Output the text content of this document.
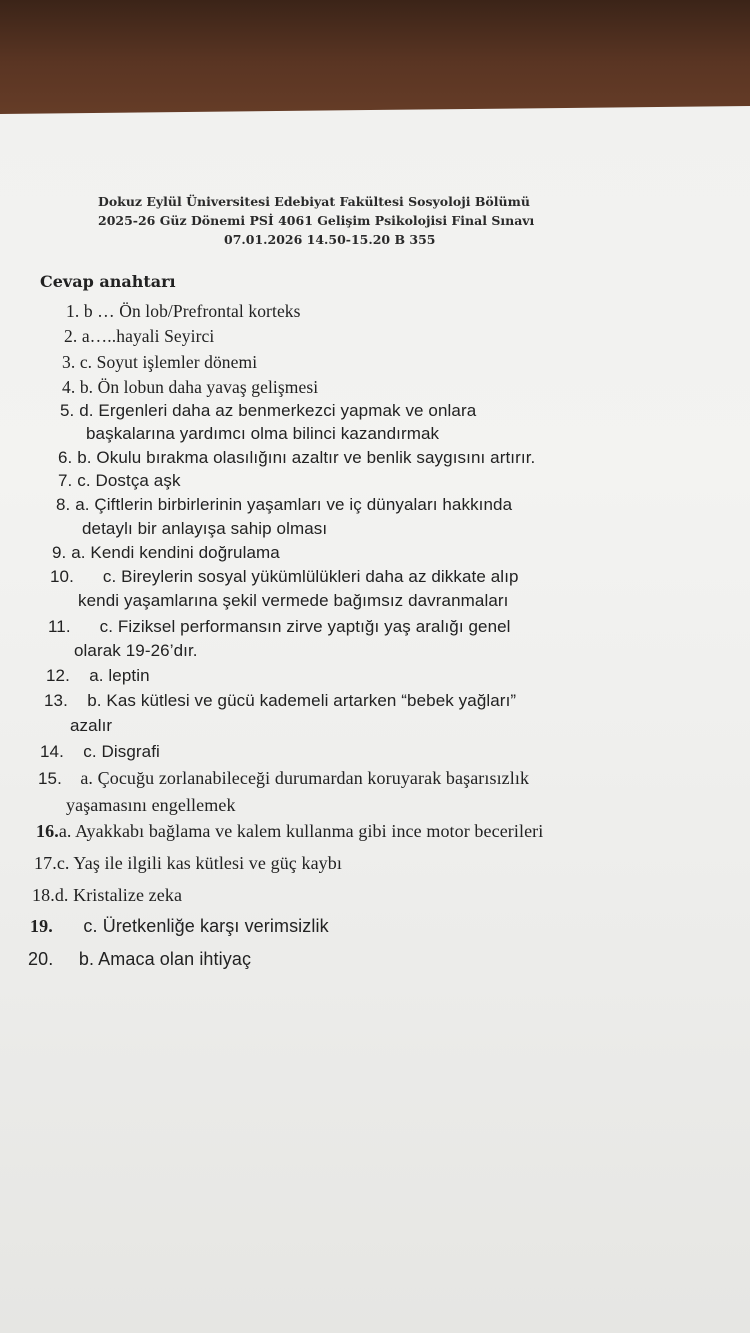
Dokuz Eylül Üniversitesi Edebiyat Fakültesi Sosyoloji Bölümü
2025-26 Güz Dönemi PSİ 4061 Gelişim Psikolojisi Final Sınavı
07.01.2026 14.50-15.20 B 355
Cevap anahtarı
1. b … Ön lob/Prefrontal korteks
2. a…..hayali Seyirci
3. c. Soyut işlemler dönemi
4. b. Ön lobun daha yavaş gelişmesi
5. d. Ergenleri daha az benmerkezci yapmak ve onlara
başkalarına yardımcı olma bilinci kazandırmak
6. b. Okulu bırakma olasılığını azaltır ve benlik saygısını artırır.
7. c. Dostça aşk
8. a. Çiftlerin birbirlerinin yaşamları ve iç dünyaları hakkında
detaylı bir anlayışa sahip olması
9. a. Kendi kendini doğrulama
10. c. Bireylerin sosyal yükümlülükleri daha az dikkate alıp
kendi yaşamlarına şekil vermede bağımsız davranmaları
11. c. Fiziksel performansın zirve yaptığı yaş aralığı genel
olarak 19-26’dır.
12. a. leptin
13. b. Kas kütlesi ve gücü kademeli artarken “bebek yağları”
azalır
14. c. Disgrafi
15. a. Çocuğu zorlanabileceği durumardan koruyarak başarısızlık
yaşamasını engellemek
16.a. Ayakkabı bağlama ve kalem kullanma gibi ince motor becerileri
17.c. Yaş ile ilgili kas kütlesi ve güç kaybı
18.d. Kristalize zeka
19. c. Üretkenliğe karşı verimsizlik
20. b. Amaca olan ihtiyaç
